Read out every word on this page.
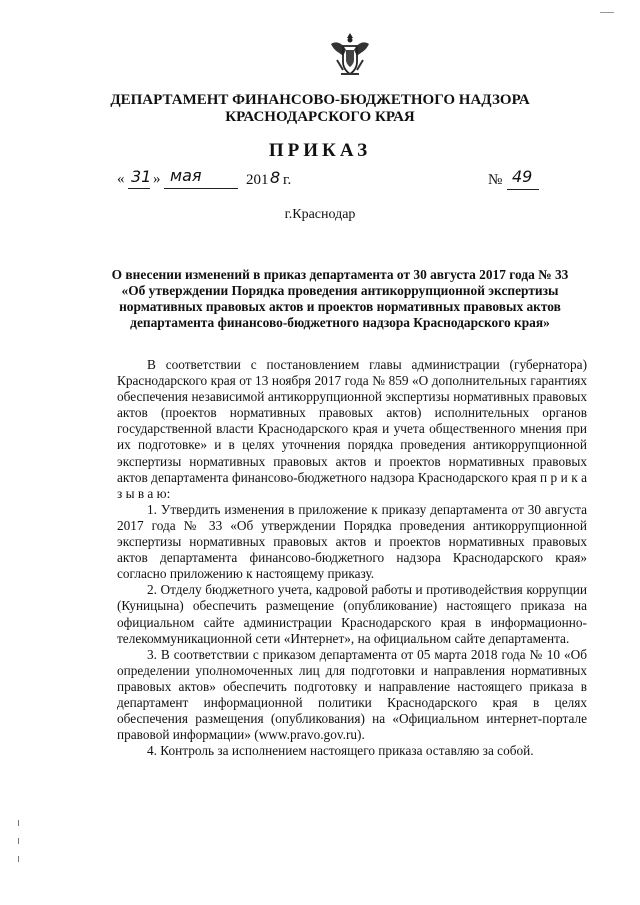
ДЕПАРТАМЕНТ ФИНАНСОВО-БЮДЖЕТНОГО НАДЗОРА
КРАСНОДАРСКОГО КРАЯ
ПРИКАЗ
« 31 » мая	201 8 г.	№ 49
г.Краснодар
О внесении изменений в приказ департамента от 30 августа 2017 года № 33
«Об утверждении Порядка проведения антикоррупционной экспертизы
нормативных правовых актов и проектов нормативных правовых актов
департамента финансово-бюджетного надзора Краснодарского края»

В соответствии с постановлением главы администрации (губернатора) Краснодарского края от 13 ноября 2017 года № 859 «О дополнительных гарантиях обеспечения независимой антикоррупционной экспертизы нормативных правовых актов (проектов нормативных правовых актов) исполнительных органов государственной власти Краснодарского края и учета общественного мнения при их подготовке» и в целях уточнения порядка проведения антикоррупционной экспертизы нормативных правовых актов и проектов нормативных правовых актов департамента финансово-бюджетного надзора Краснодарского края п р и к а з ы в а ю:

1. Утвердить изменения в приложение к приказу департамента от 30 августа 2017 года № 33 «Об утверждении Порядка проведения антикоррупционной экспертизы нормативных правовых актов и проектов нормативных правовых актов департамента финансово-бюджетного надзора Краснодарского края» согласно приложению к настоящему приказу.

2. Отделу бюджетного учета, кадровой работы и противодействия коррупции (Куницына) обеспечить размещение (опубликование) настоящего приказа на официальном сайте администрации Краснодарского края в информационно-телекоммуникационной сети «Интернет», на официальном сайте департамента.

3. В соответствии с приказом департамента от 05 марта 2018 года № 10 «Об определении уполномоченных лиц для подготовки и направления нормативных правовых актов» обеспечить подготовку и направление настоящего приказа в департамент информационной политики Краснодарского края в целях обеспечения размещения (опубликования) на «Официальном интернет-портале правовой информации» (www.pravo.gov.ru).

4. Контроль за исполнением настоящего приказа оставляю за собой.
